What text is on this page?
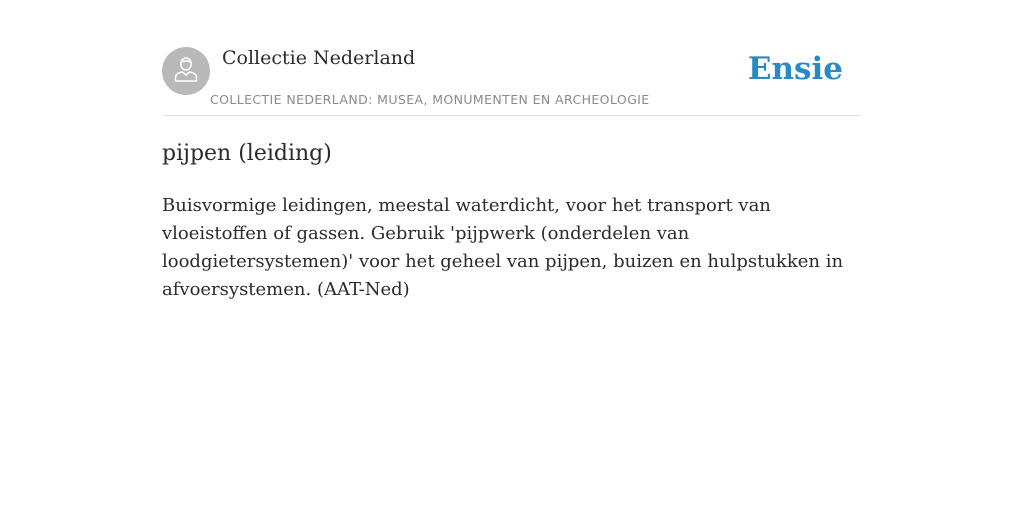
Collectie Nederland
COLLECTIE NEDERLAND: MUSEA, MONUMENTEN EN ARCHEOLOGIE
Ensie
pijpen (leiding)

Buisvormige leidingen, meestal waterdicht, voor het transport van vloeistoffen of gassen. Gebruik 'pijpwerk (onderdelen van loodgietersystemen)' voor het geheel van pijpen, buizen en hulpstukken in afvoersystemen. (AAT-Ned)
